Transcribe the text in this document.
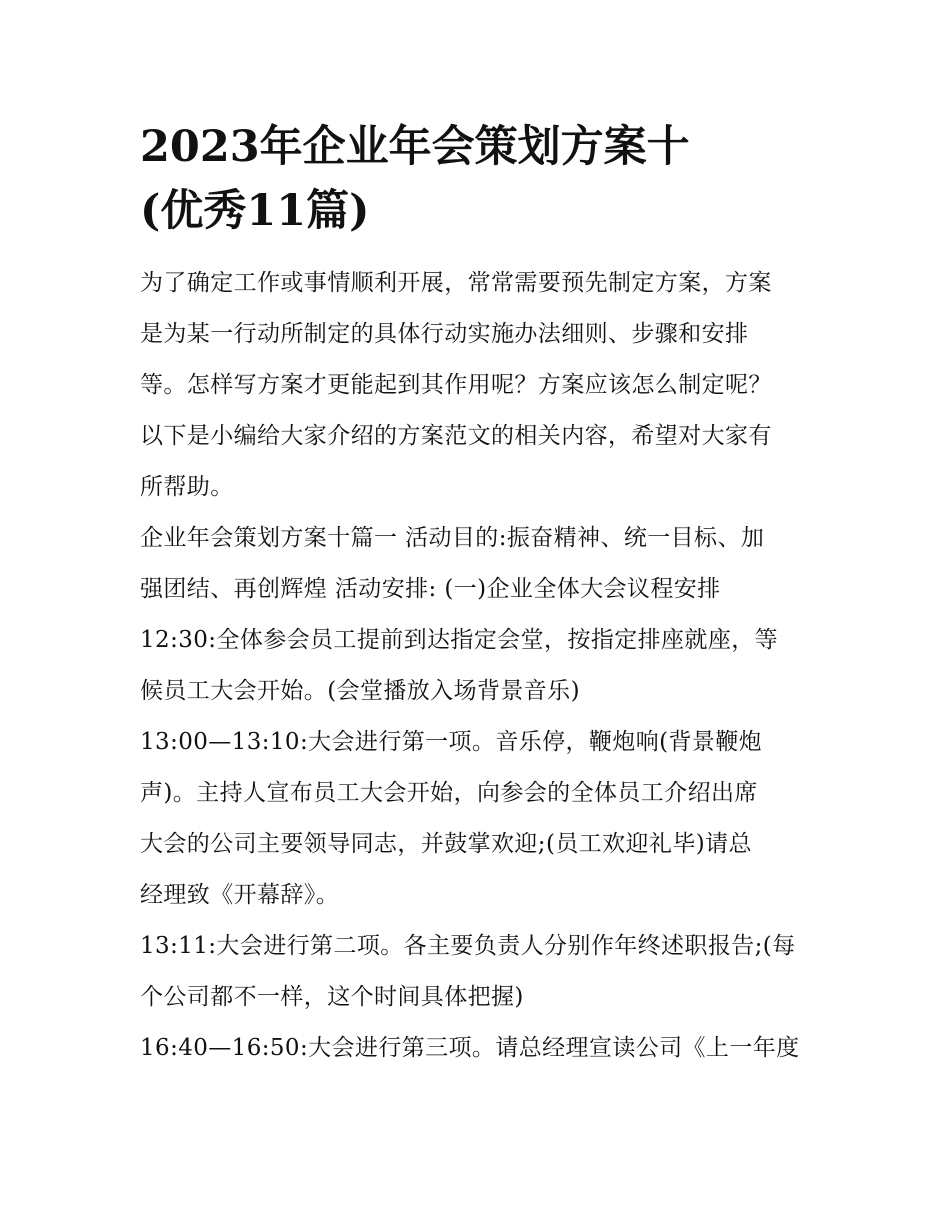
2023年企业年会策划方案十
(优秀11篇)

为了确定工作或事情顺利开展，常常需要预先制定方案，方案
是为某一行动所制定的具体行动实施办法细则、步骤和安排
等。怎样写方案才更能起到其作用呢？方案应该怎么制定呢？
以下是小编给大家介绍的方案范文的相关内容，希望对大家有
所帮助。

企业年会策划方案十篇一 活动目的:振奋精神、统一目标、加
强团结、再创辉煌 活动安排: (一)企业全体大会议程安排

12:30:全体参会员工提前到达指定会堂，按指定排座就座，等
候员工大会开始。(会堂播放入场背景音乐)

13:00—13:10:大会进行第一项。音乐停，鞭炮响(背景鞭炮
声)。主持人宣布员工大会开始，向参会的全体员工介绍出席
大会的公司主要领导同志，并鼓掌欢迎;(员工欢迎礼毕)请总
经理致《开幕辞》。

13:11:大会进行第二项。各主要负责人分别作年终述职报告;(每
个公司都不一样，这个时间具体把握)

16:40—16:50:大会进行第三项。请总经理宣读公司《上一年度
